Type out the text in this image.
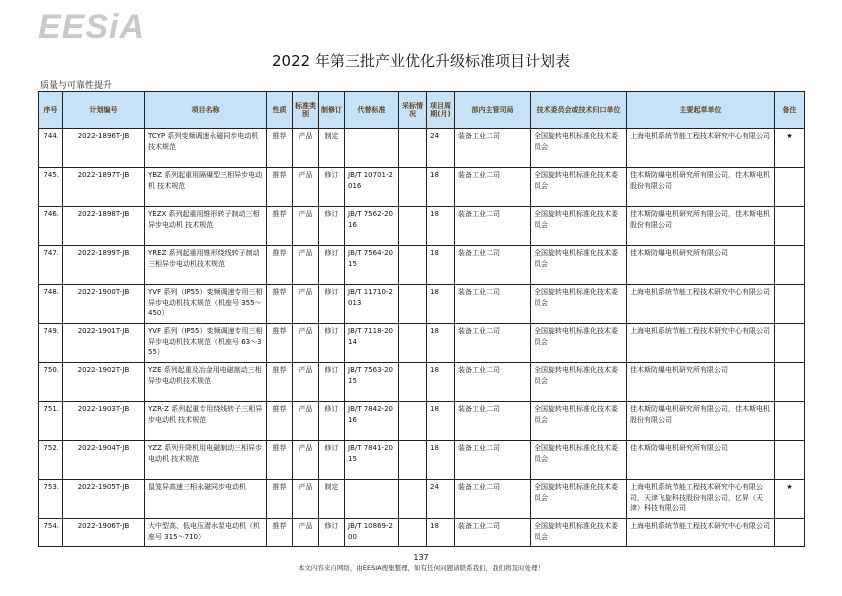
EESiA
2022 年第三批产业优化升级标准项目计划表
质量与可靠性提升
序号	计划编号	项目名称	性质	标准类别	制修订	代替标准	采标情况	项目周期(月)	部内主管司局	技术委员会或技术归口单位	主要起草单位	备注
744.	2022-1896T-JB	TCYP 系列变频调速永磁同步电动机技术规范	推荐	产品	制定			24	装备工业二司	全国旋转电机标准化技术委员会	上海电机系统节能工程技术研究中心有限公司	★
745.	2022-1897T-JB	YBZ 系列起重用隔爆型三相异步电动机 技术规范	推荐	产品	修订	JB/T 10701-2016		18	装备工业二司	全国旋转电机标准化技术委员会	佳木斯防爆电机研究所有限公司，佳木斯电机股份有限公司	
746.	2022-1898T-JB	YEZX 系列起重用锥形转子制动三相异步电动机 技术规范	推荐	产品	修订	JB/T 7562-2016		18	装备工业二司	全国旋转电机标准化技术委员会	佳木斯防爆电机研究所有限公司，佳木斯电机股份有限公司	
747.	2022-1899T-JB	YREZ 系列起重用锥形绕线转子制动三相异步电动机技术规范	推荐	产品	修订	JB/T 7564-2015		18	装备工业二司	全国旋转电机标准化技术委员会	佳木斯防爆电机研究所有限公司	
748.	2022-1900T-JB	YVF 系列（IP55）变频调速专用三相异步电动机技术规范（机座号 355～450）	推荐	产品	修订	JB/T 11710-2013		18	装备工业二司	全国旋转电机标准化技术委员会	上海电机系统节能工程技术研究中心有限公司	
749.	2022-1901T-JB	YVF 系列（IP55）变频调速专用三相异步电动机技术规范（机座号 63～355）	推荐	产品	修订	JB/T 7118-2014		18	装备工业二司	全国旋转电机标准化技术委员会	上海电机系统节能工程技术研究中心有限公司	
750.	2022-1902T-JB	YZE 系列起重及冶金用电磁制动三相异步电动机技术规范	推荐	产品	修订	JB/T 7563-2015		18	装备工业二司	全国旋转电机标准化技术委员会	佳木斯防爆电机研究所有限公司	
751.	2022-1903T-JB	YZR-Z 系列起重专用绕线转子三相异步电动机 技术规范	推荐	产品	修订	JB/T 7842-2016		18	装备工业二司	全国旋转电机标准化技术委员会	佳木斯防爆电机研究所有限公司，佳木斯电机股份有限公司	
752.	2022-1904T-JB	YZZ 系列升降机用电磁制动三相异步电动机 技术规范	推荐	产品	修订	JB/T 7841-2015		18	装备工业二司	全国旋转电机标准化技术委员会	佳木斯防爆电机研究所有限公司	
753.	2022-1905T-JB	鼠笼异高速三相永磁同步电动机	推荐	产品	制定			24	装备工业二司	全国旋转电机标准化技术委员会	上海电机系统节能工程技术研究中心有限公司，天津飞旋科技股份有限公司，亿昇（天津）科技有限公司	★
754.	2022-1906T-JB	大中型高、低电压潜水泵电动机（机座号 315～710）	推荐	产品	修订	JB/T 10869-200		18	装备工业二司	全国旋转电机标准化技术委员会	上海电机系统节能工程技术研究中心有限公司	
137
本文内容来自网络，由EESIA搜集整理，如有任何问题请联系我们，我们将及时处理！
